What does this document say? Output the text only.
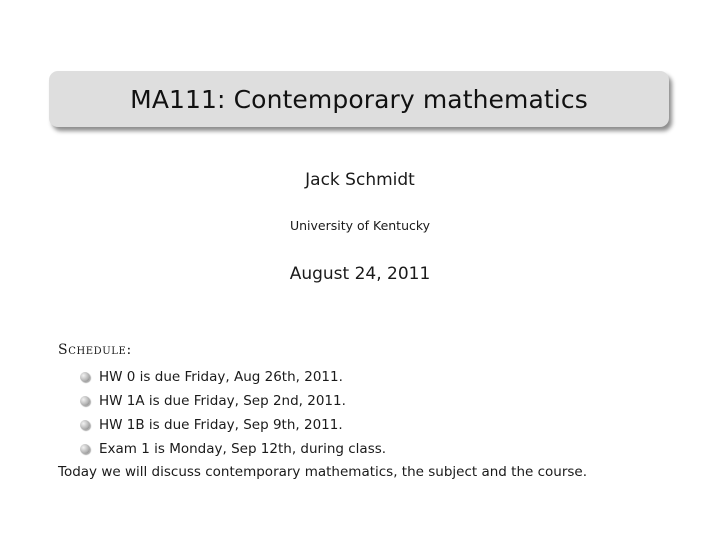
MA111: Contemporary mathematics
Jack Schmidt
University of Kentucky
August 24, 2011
Schedule:
HW 0 is due Friday, Aug 26th, 2011.
HW 1A is due Friday, Sep 2nd, 2011.
HW 1B is due Friday, Sep 9th, 2011.
Exam 1 is Monday, Sep 12th, during class.
Today we will discuss contemporary mathematics, the subject and the course.
